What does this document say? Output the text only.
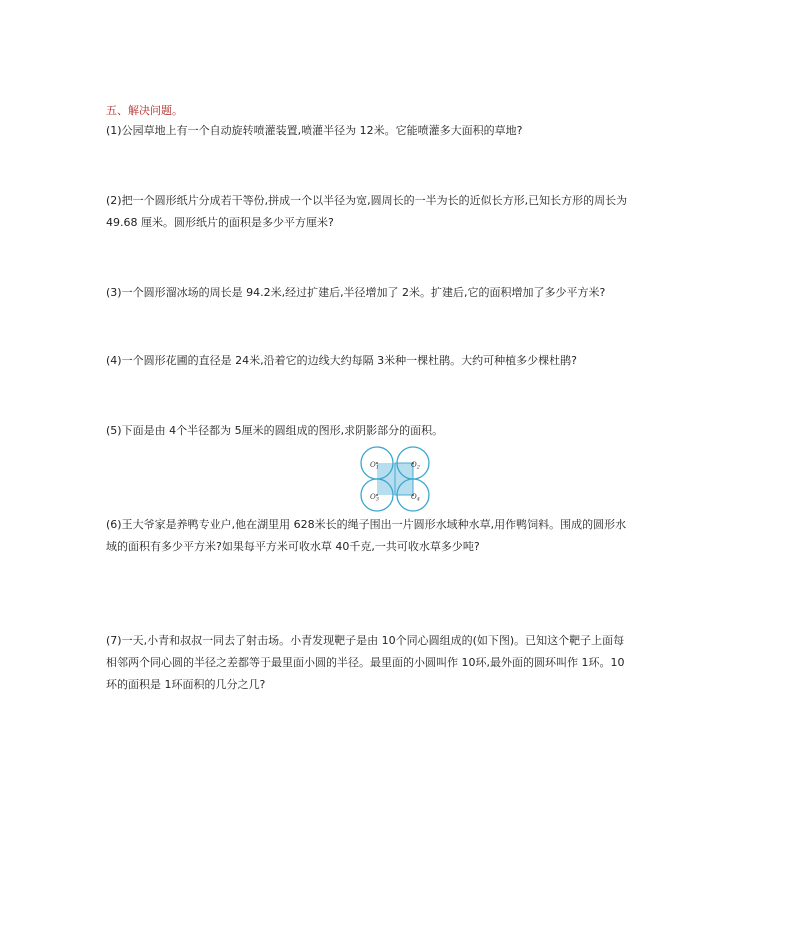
五、解决问题。
(1)公园草地上有一个自动旋转喷灌装置,喷灌半径为 12米。它能喷灌多大面积的草地?
(2)把一个圆形纸片分成若干等份,拼成一个以半径为宽,圆周长的一半为长的近似长方形,已知长方形的周长为
49.68 厘米。圆形纸片的面积是多少平方厘米?
(3)一个圆形溜冰场的周长是 94.2米,经过扩建后,半径增加了 2米。扩建后,它的面积增加了多少平方米?
(4)一个圆形花圃的直径是 24米,沿着它的边线大约每隔 3米种一棵杜鹃。大约可种植多少棵杜鹃?
(5)下面是由 4个半径都为 5厘米的圆组成的图形,求阴影部分的面积。
$O_1$	$O_2$
$O_3$	$O_4$
(6)王大爷家是养鸭专业户,他在湖里用 628米长的绳子围出一片圆形水域种水草,用作鸭饲料。围成的圆形水
域的面积有多少平方米?如果每平方米可收水草 40千克,一共可收水草多少吨?
(7)一天,小青和叔叔一同去了射击场。小青发现靶子是由 10个同心圆组成的(如下图)。已知这个靶子上面每
相邻两个同心圆的半径之差都等于最里面小圆的半径。最里面的小圆叫作 10环,最外面的圆环叫作 1环。10
环的面积是 1环面积的几分之几?
